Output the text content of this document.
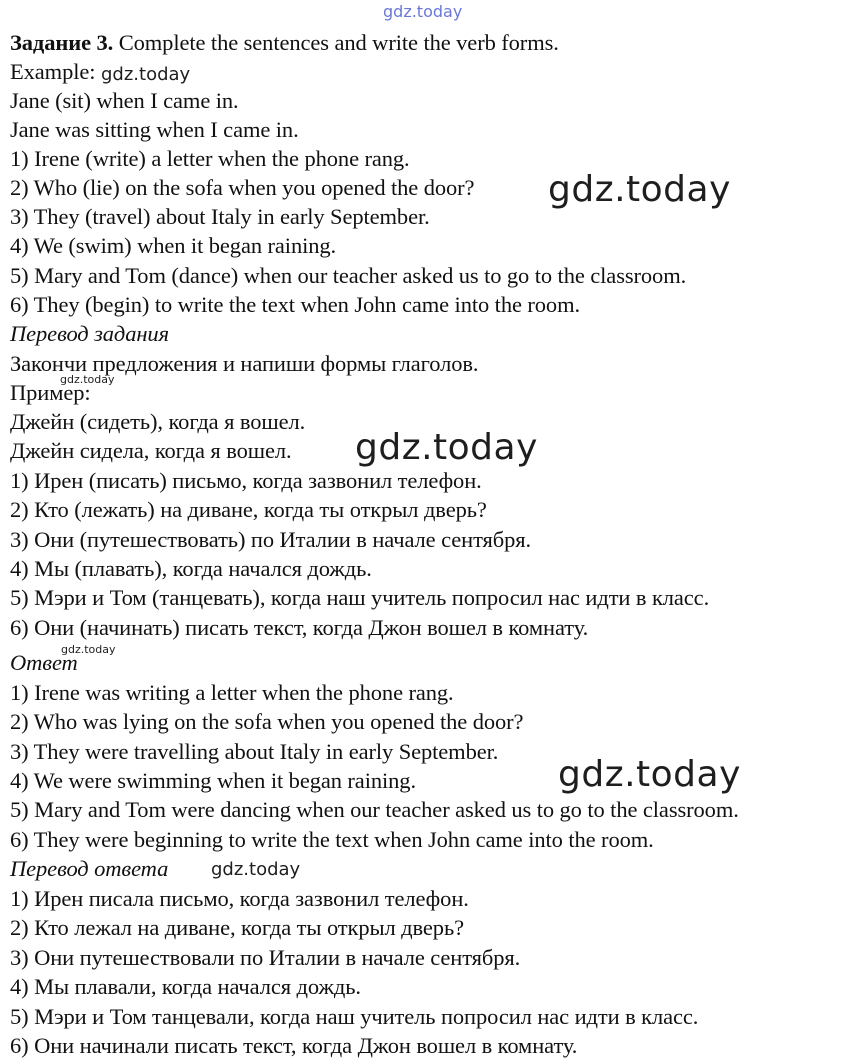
gdz.today
gdz.today
gdz.today
gdz.today
gdz.today
gdz.today
gdz.today
gdz.today
Задание 3. Complete the sentences and write the verb forms.
Example:
Jane (sit) when I came in.
Jane was sitting when I came in.
1) Irene (write) a letter when the phone rang.
2) Who (lie) on the sofa when you opened the door?
3) They (travel) about Italy in early September.
4) We (swim) when it began raining.
5) Mary and Tom (dance) when our teacher asked us to go to the classroom.
6) They (begin) to write the text when John came into the room.
Перевод задания
Закончи предложения и напиши формы глаголов.
Пример:
Джейн (сидеть), когда я вошел.
Джейн сидела, когда я вошел.
1) Ирен (писать) письмо, когда зазвонил телефон.
2) Кто (лежать) на диване, когда ты открыл дверь?
3) Они (путешествовать) по Италии в начале сентября.
4) Мы (плавать), когда начался дождь.
5) Мэри и Том (танцевать), когда наш учитель попросил нас идти в класс.
6) Они (начинать) писать текст, когда Джон вошел в комнату.
Ответ
1) Irene was writing a letter when the phone rang.
2) Who was lying on the sofa when you opened the door?
3) They were travelling about Italy in early September.
4) We were swimming when it began raining.
5) Mary and Tom were dancing when our teacher asked us to go to the classroom.
6) They were beginning to write the text when John came into the room.
Перевод ответа
1) Ирен писала письмо, когда зазвонил телефон.
2) Кто лежал на диване, когда ты открыл дверь?
3) Они путешествовали по Италии в начале сентября.
4) Мы плавали, когда начался дождь.
5) Мэри и Том танцевали, когда наш учитель попросил нас идти в класс.
6) Они начинали писать текст, когда Джон вошел в комнату.
